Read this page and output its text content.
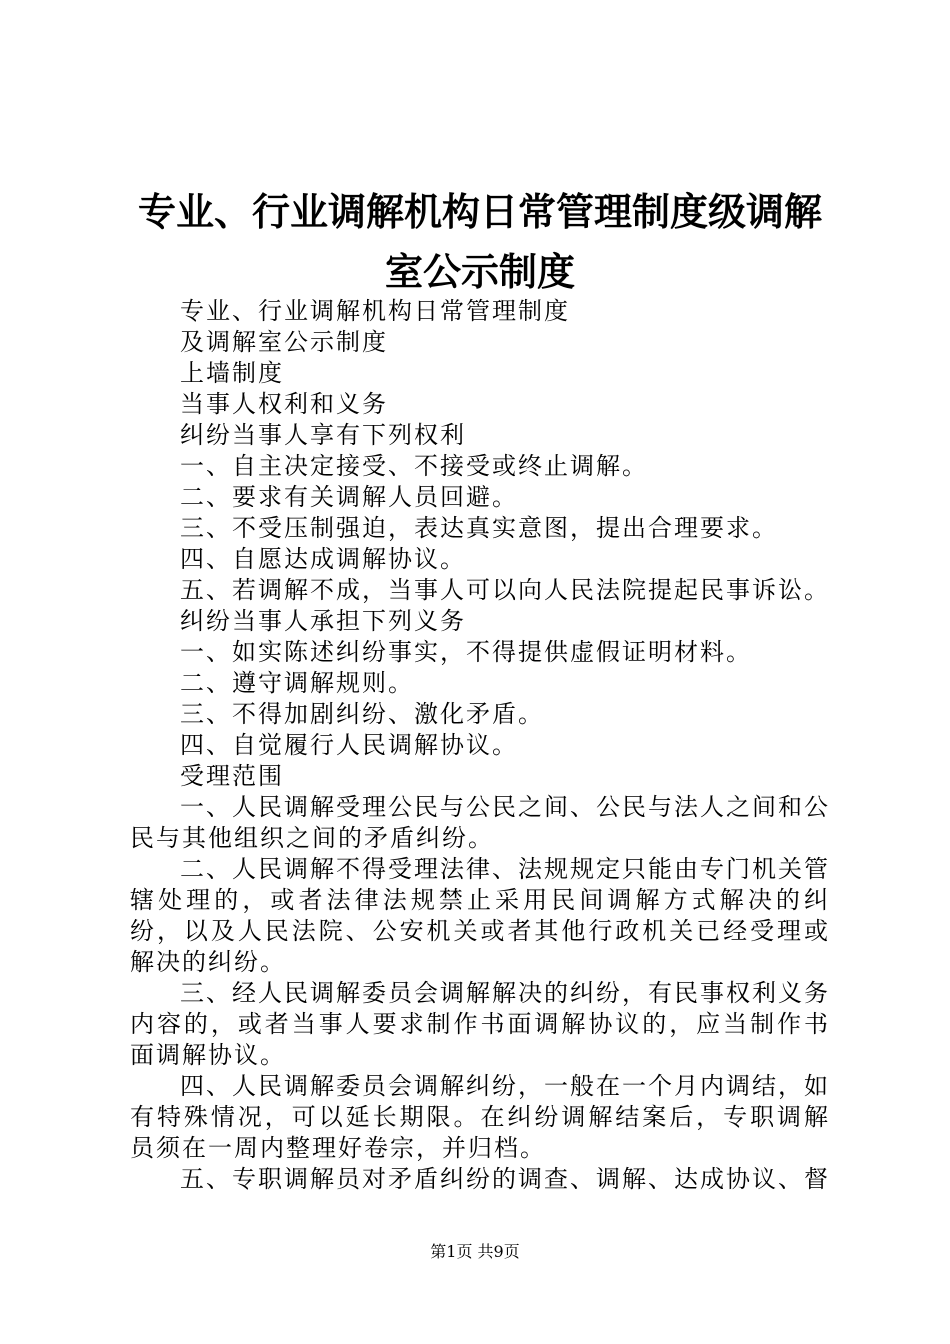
专业、行业调解机构日常管理制度级调解室公示制度

专业、行业调解机构日常管理制度

及调解室公示制度

上墙制度

当事人权利和义务

纠纷当事人享有下列权利

一、自主决定接受、不接受或终止调解。

二、要求有关调解人员回避。

三、不受压制强迫，表达真实意图，提出合理要求。

四、自愿达成调解协议。

五、若调解不成，当事人可以向人民法院提起民事诉讼。

纠纷当事人承担下列义务

一、如实陈述纠纷事实，不得提供虚假证明材料。

二、遵守调解规则。

三、不得加剧纠纷、激化矛盾。

四、自觉履行人民调解协议。

受理范围

一、人民调解受理公民与公民之间、公民与法人之间和公民与其他组织之间的矛盾纠纷。

二、人民调解不得受理法律、法规规定只能由专门机关管辖处理的，或者法律法规禁止采用民间调解方式解决的纠纷，以及人民法院、公安机关或者其他行政机关已经受理或解决的纠纷。

三、经人民调解委员会调解解决的纠纷，有民事权利义务内容的，或者当事人要求制作书面调解协议的，应当制作书面调解协议。

四、人民调解委员会调解纠纷，一般在一个月内调结，如有特殊情况，可以延长期限。在纠纷调解结案后，专职调解员须在一周内整理好卷宗，并归档。

五、专职调解员对矛盾纠纷的调查、调解、达成协议、督

第1页 共9页
